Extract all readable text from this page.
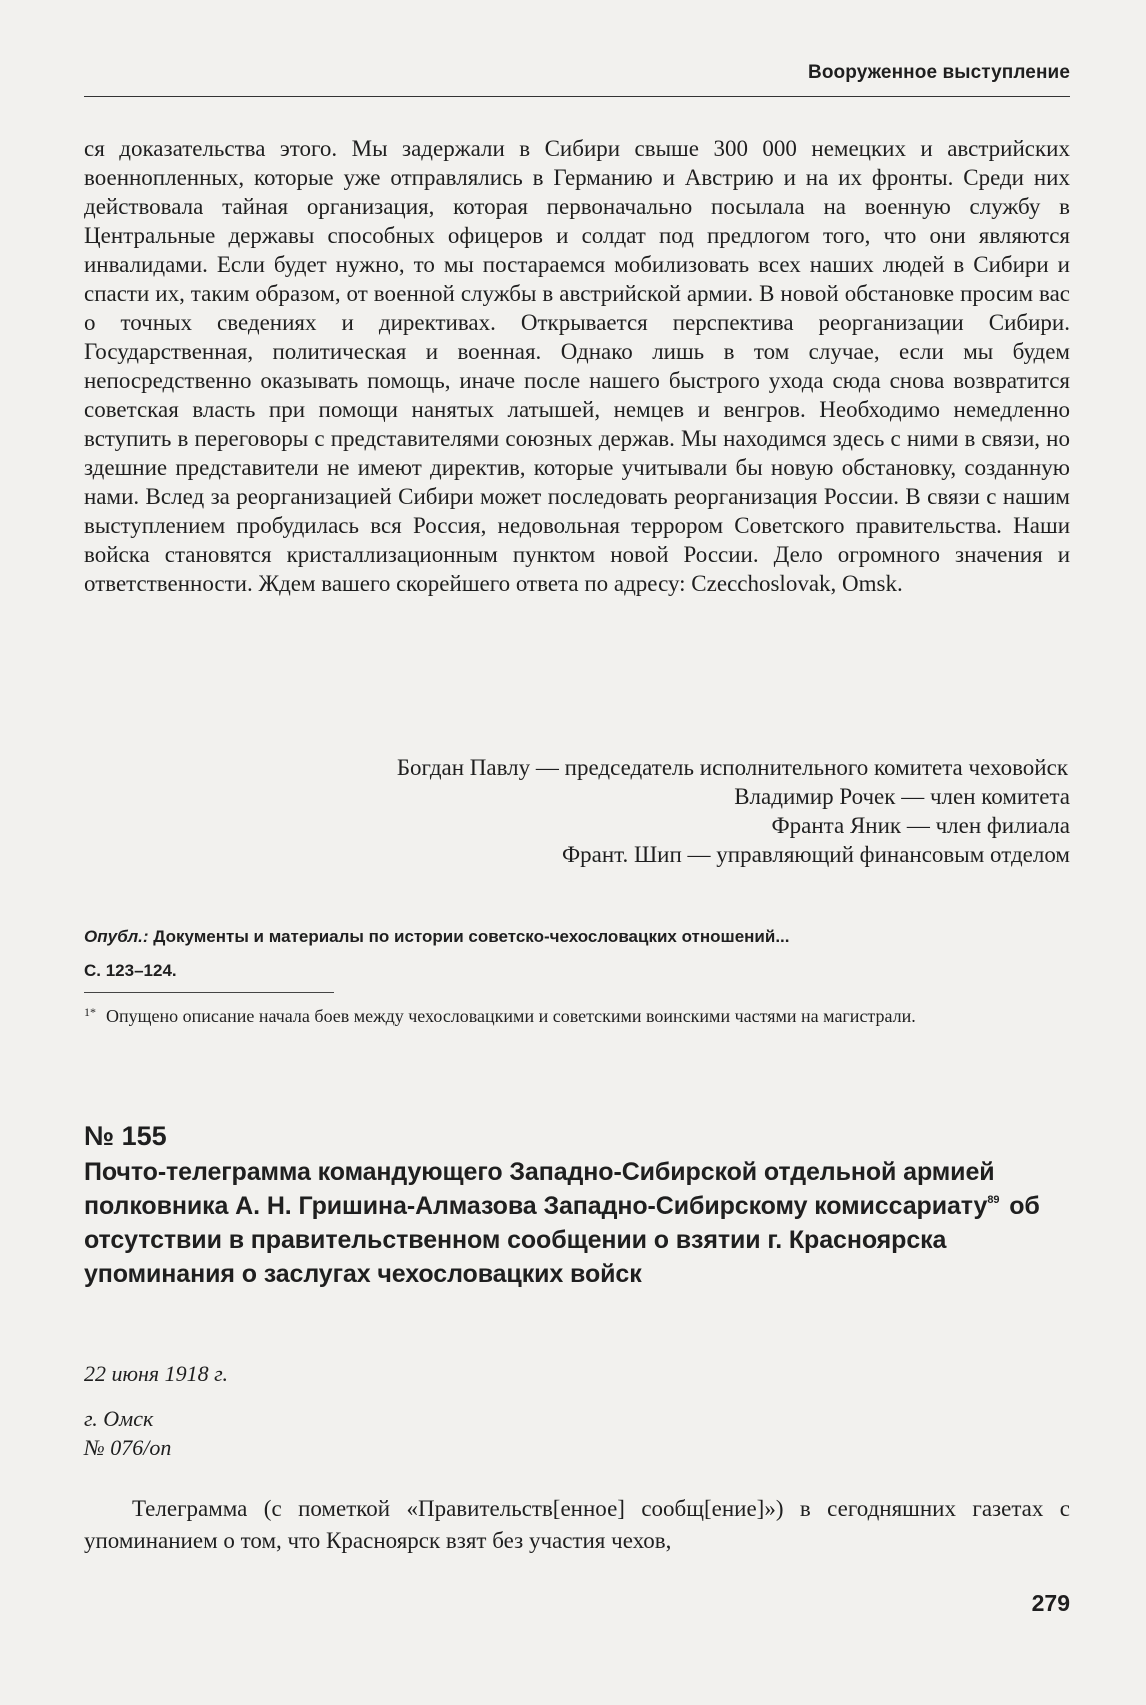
Вооруженное выступление

ся доказательства этого. Мы задержали в Сибири свыше 300 000 немецких и австрийских военнопленных, которые уже отправлялись в Германию и Австрию и на их фронты. Среди них действовала тайная организация, которая первоначально посылала на военную службу в Центральные державы способных офицеров и солдат под предлогом того, что они являются инвалидами. Если будет нужно, то мы постараемся мобилизовать всех наших людей в Сибири и спасти их, таким образом, от военной службы в австрийской армии. В новой обстановке просим вас о точных сведениях и директивах. Открывается перспектива реорганизации Сибири. Государственная, политическая и военная. Однако лишь в том случае, если мы будем непосредственно оказывать помощь, иначе после нашего быстрого ухода сюда снова возвратится советская власть при помощи нанятых латышей, немцев и венгров. Необходимо немедленно вступить в переговоры с представителями союзных держав. Мы находимся здесь с ними в связи, но здешние представители не имеют директив, которые учитывали бы новую обстановку, созданную нами. Вслед за реорганизацией Сибири может последовать реорганизация России. В связи с нашим выступлением пробудилась вся Россия, недовольная террором Советского правительства. Наши войска становятся кристаллизационным пунктом новой России. Дело огромного значения и ответственности. Ждем вашего скорейшего ответа по адресу: Czecchoslovak, Omsk.

Богдан Павлу — председатель исполнительного комитета чеховойск
Владимир Рочек — член комитета
Франта Яник — член филиала
Франт. Шип — управляющий финансовым отделом
Опубл.: Документы и материалы по истории советско-чехословацких отношений...
С. 123–124.
$^{1*}$ Опущено описание начала боев между чехословацкими и советскими воинскими частями на магистрали.
№ 155
Почто-телеграмма командующего Западно-Сибирской отдельной армией полковника А. Н. Гришина-Алмазова Западно-Сибирскому комиссариату$^{89}$ об отсутствии в правительственном сообщении о взятии г. Красноярска упоминания о заслугах чехословацких войск
22 июня 1918 г.
г. Омск
№ 076/оп

Телеграмма (с пометкой «Правительств[енное] сообщ[ение]») в сегодняшних газетах с упоминанием о том, что Красноярск взят без участия чехов,

279
